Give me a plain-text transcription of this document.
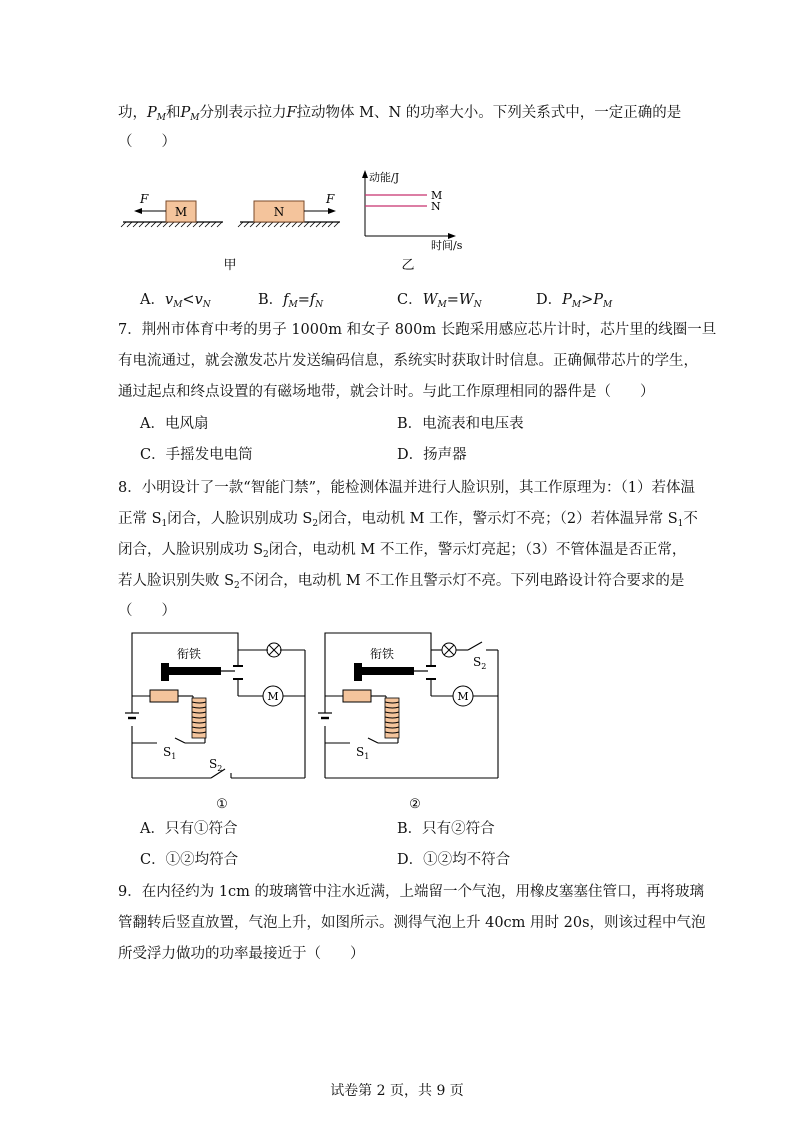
功，$P_M$和$P_M$分别表示拉力F拉动物体 M、N 的功率大小。下列关系式中，一定正确的是
（　　）
M
F
N
F
甲
动能/J
M
N
时间/s
乙
A．$v_M<v_N$	B．$f_M=f_N$	C．$W_M=W_N$	D．$P_M>P_M$
7．荆州市体育中考的男子 1000m 和女子 800m 长跑采用感应芯片计时，芯片里的线圈一旦
有电流通过，就会激发芯片发送编码信息，系统实时获取计时信息。正确佩带芯片的学生，
通过起点和终点设置的有磁场地带，就会计时。与此工作原理相同的器件是（　　）
A．电风扇	B．电流表和电压表
C．手摇发电电筒	D．扬声器
8．小明设计了一款“智能门禁”，能检测体温并进行人脸识别，其工作原理为：（1）若体温
正常 $S_1$闭合，人脸识别成功 $S_2$闭合，电动机 M 工作，警示灯不亮；（2）若体温异常 $S_1$不
闭合，人脸识别成功 $S_2$闭合，电动机 M 不工作，警示灯亮起；（3）不管体温是否正常，
若人脸识别失败 $S_2$不闭合，电动机 M 不工作且警示灯不亮。下列电路设计符合要求的是
（　　）
衔铁
M
$S_1$
$S_2$
①
衔铁
$S_2$
M
$S_1$
②
A．只有①符合	B．只有②符合
C．①②均符合	D．①②均不符合
9．在内径约为 1cm 的玻璃管中注水近满，上端留一个气泡，用橡皮塞塞住管口，再将玻璃
管翻转后竖直放置，气泡上升，如图所示。测得气泡上升 40cm 用时 20s，则该过程中气泡
所受浮力做功的功率最接近于（　　）
试卷第 2 页，共 9 页
